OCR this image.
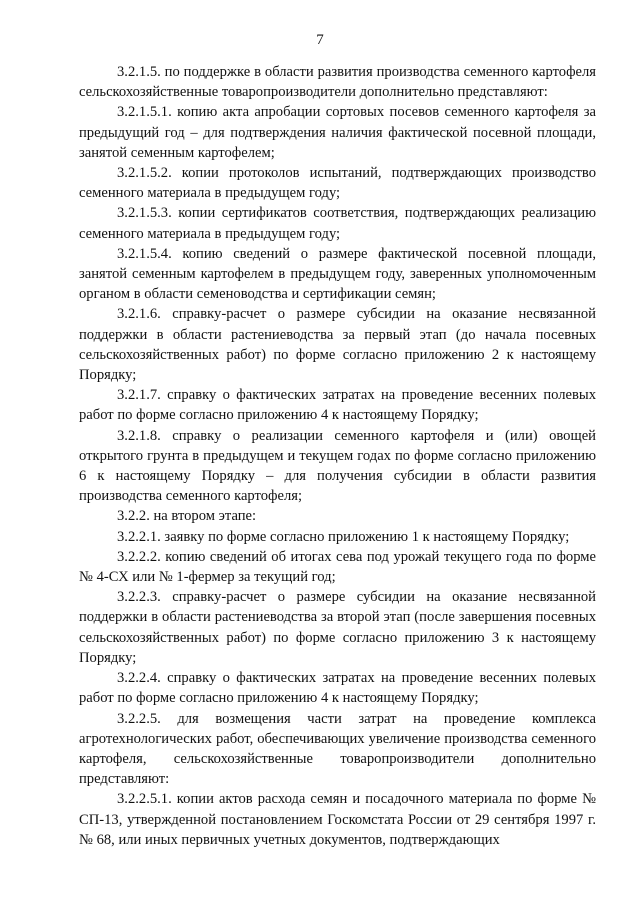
7

3.2.1.5. по поддержке в области развития производства семенного картофеля сельскохозяйственные товаропроизводители дополнительно представляют:

3.2.1.5.1. копию акта апробации сортовых посевов семенного картофеля за предыдущий год – для подтверждения наличия фактической посевной площади, занятой семенным картофелем;

3.2.1.5.2. копии протоколов испытаний, подтверждающих производство семенного материала в предыдущем году;

3.2.1.5.3. копии сертификатов соответствия, подтверждающих реализацию семенного материала в предыдущем году;

3.2.1.5.4. копию сведений о размере фактической посевной площади, занятой семенным картофелем в предыдущем году, заверенных уполномоченным органом в области семеноводства и сертификации семян;

3.2.1.6. справку-расчет о размере субсидии на оказание несвязанной поддержки в области растениеводства за первый этап (до начала посевных сельскохозяйственных работ) по форме согласно приложению 2 к настоящему Порядку;

3.2.1.7. справку о фактических затратах на проведение весенних полевых работ по форме согласно приложению 4 к настоящему Порядку;

3.2.1.8. справку о реализации семенного картофеля и (или) овощей открытого грунта в предыдущем и текущем годах по форме согласно приложению 6 к настоящему Порядку – для получения субсидии в области развития производства семенного картофеля;

3.2.2. на втором этапе:

3.2.2.1. заявку по форме согласно приложению 1 к настоящему Порядку;

3.2.2.2. копию сведений об итогах сева под урожай текущего года по форме № 4-СХ или № 1-фермер за текущий год;

3.2.2.3. справку-расчет о размере субсидии на оказание несвязанной поддержки в области растениеводства за второй этап (после завершения посевных сельскохозяйственных работ) по форме согласно приложению 3 к настоящему Порядку;

3.2.2.4. справку о фактических затратах на проведение весенних полевых работ по форме согласно приложению 4 к настоящему Порядку;

3.2.2.5. для возмещения части затрат на проведение комплекса агротехнологических работ, обеспечивающих увеличение производства семенного картофеля, сельскохозяйственные товаропроизводители дополнительно представляют:

3.2.2.5.1. копии актов расхода семян и посадочного материала по форме № СП-13, утвержденной постановлением Госкомстата России от 29 сентября 1997 г. № 68, или иных первичных учетных документов, подтверждающих
